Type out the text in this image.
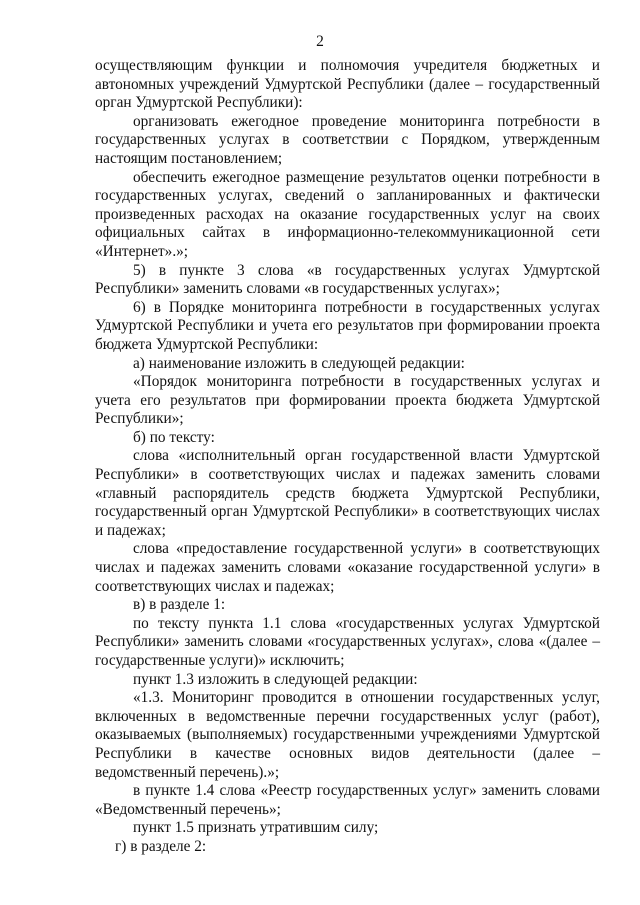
2

осуществляющим функции и полномочия учредителя бюджетных и автономных учреждений Удмуртской Республики (далее – государственный орган Удмуртской Республики):

организовать ежегодное проведение мониторинга потребности в государственных услугах в соответствии с Порядком, утвержденным настоящим постановлением;

обеспечить ежегодное размещение результатов оценки потребности в государственных услугах, сведений о запланированных и фактически произведенных расходах на оказание государственных услуг на своих официальных сайтах в информационно-телекоммуникационной сети «Интернет».»;

5) в пункте 3 слова «в государственных услугах Удмуртской Республики» заменить словами «в государственных услугах»;

6) в Порядке мониторинга потребности в государственных услугах Удмуртской Республики и учета его результатов при формировании проекта бюджета Удмуртской Республики:

а) наименование изложить в следующей редакции:

«Порядок мониторинга потребности в государственных услугах и учета его результатов при формировании проекта бюджета Удмуртской Республики»;

б) по тексту:

слова «исполнительный орган государственной власти Удмуртской Республики» в соответствующих числах и падежах заменить словами «главный распорядитель средств бюджета Удмуртской Республики, государственный орган Удмуртской Республики» в соответствующих числах и падежах;

слова «предоставление государственной услуги» в соответствующих числах и падежах заменить словами «оказание государственной услуги» в соответствующих числах и падежах;

в) в разделе 1:

по тексту пункта 1.1 слова «государственных услугах Удмуртской Республики» заменить словами «государственных услугах», слова «(далее – государственные услуги)» исключить;

пункт 1.3 изложить в следующей редакции:

«1.3. Мониторинг проводится в отношении государственных услуг, включенных в ведомственные перечни государственных услуг (работ), оказываемых (выполняемых) государственными учреждениями Удмуртской Республики в качестве основных видов деятельности (далее – ведомственный перечень).»;

в пункте 1.4 слова «Реестр государственных услуг» заменить словами «Ведомственный перечень»;

пункт 1.5 признать утратившим силу;

г) в разделе 2:
